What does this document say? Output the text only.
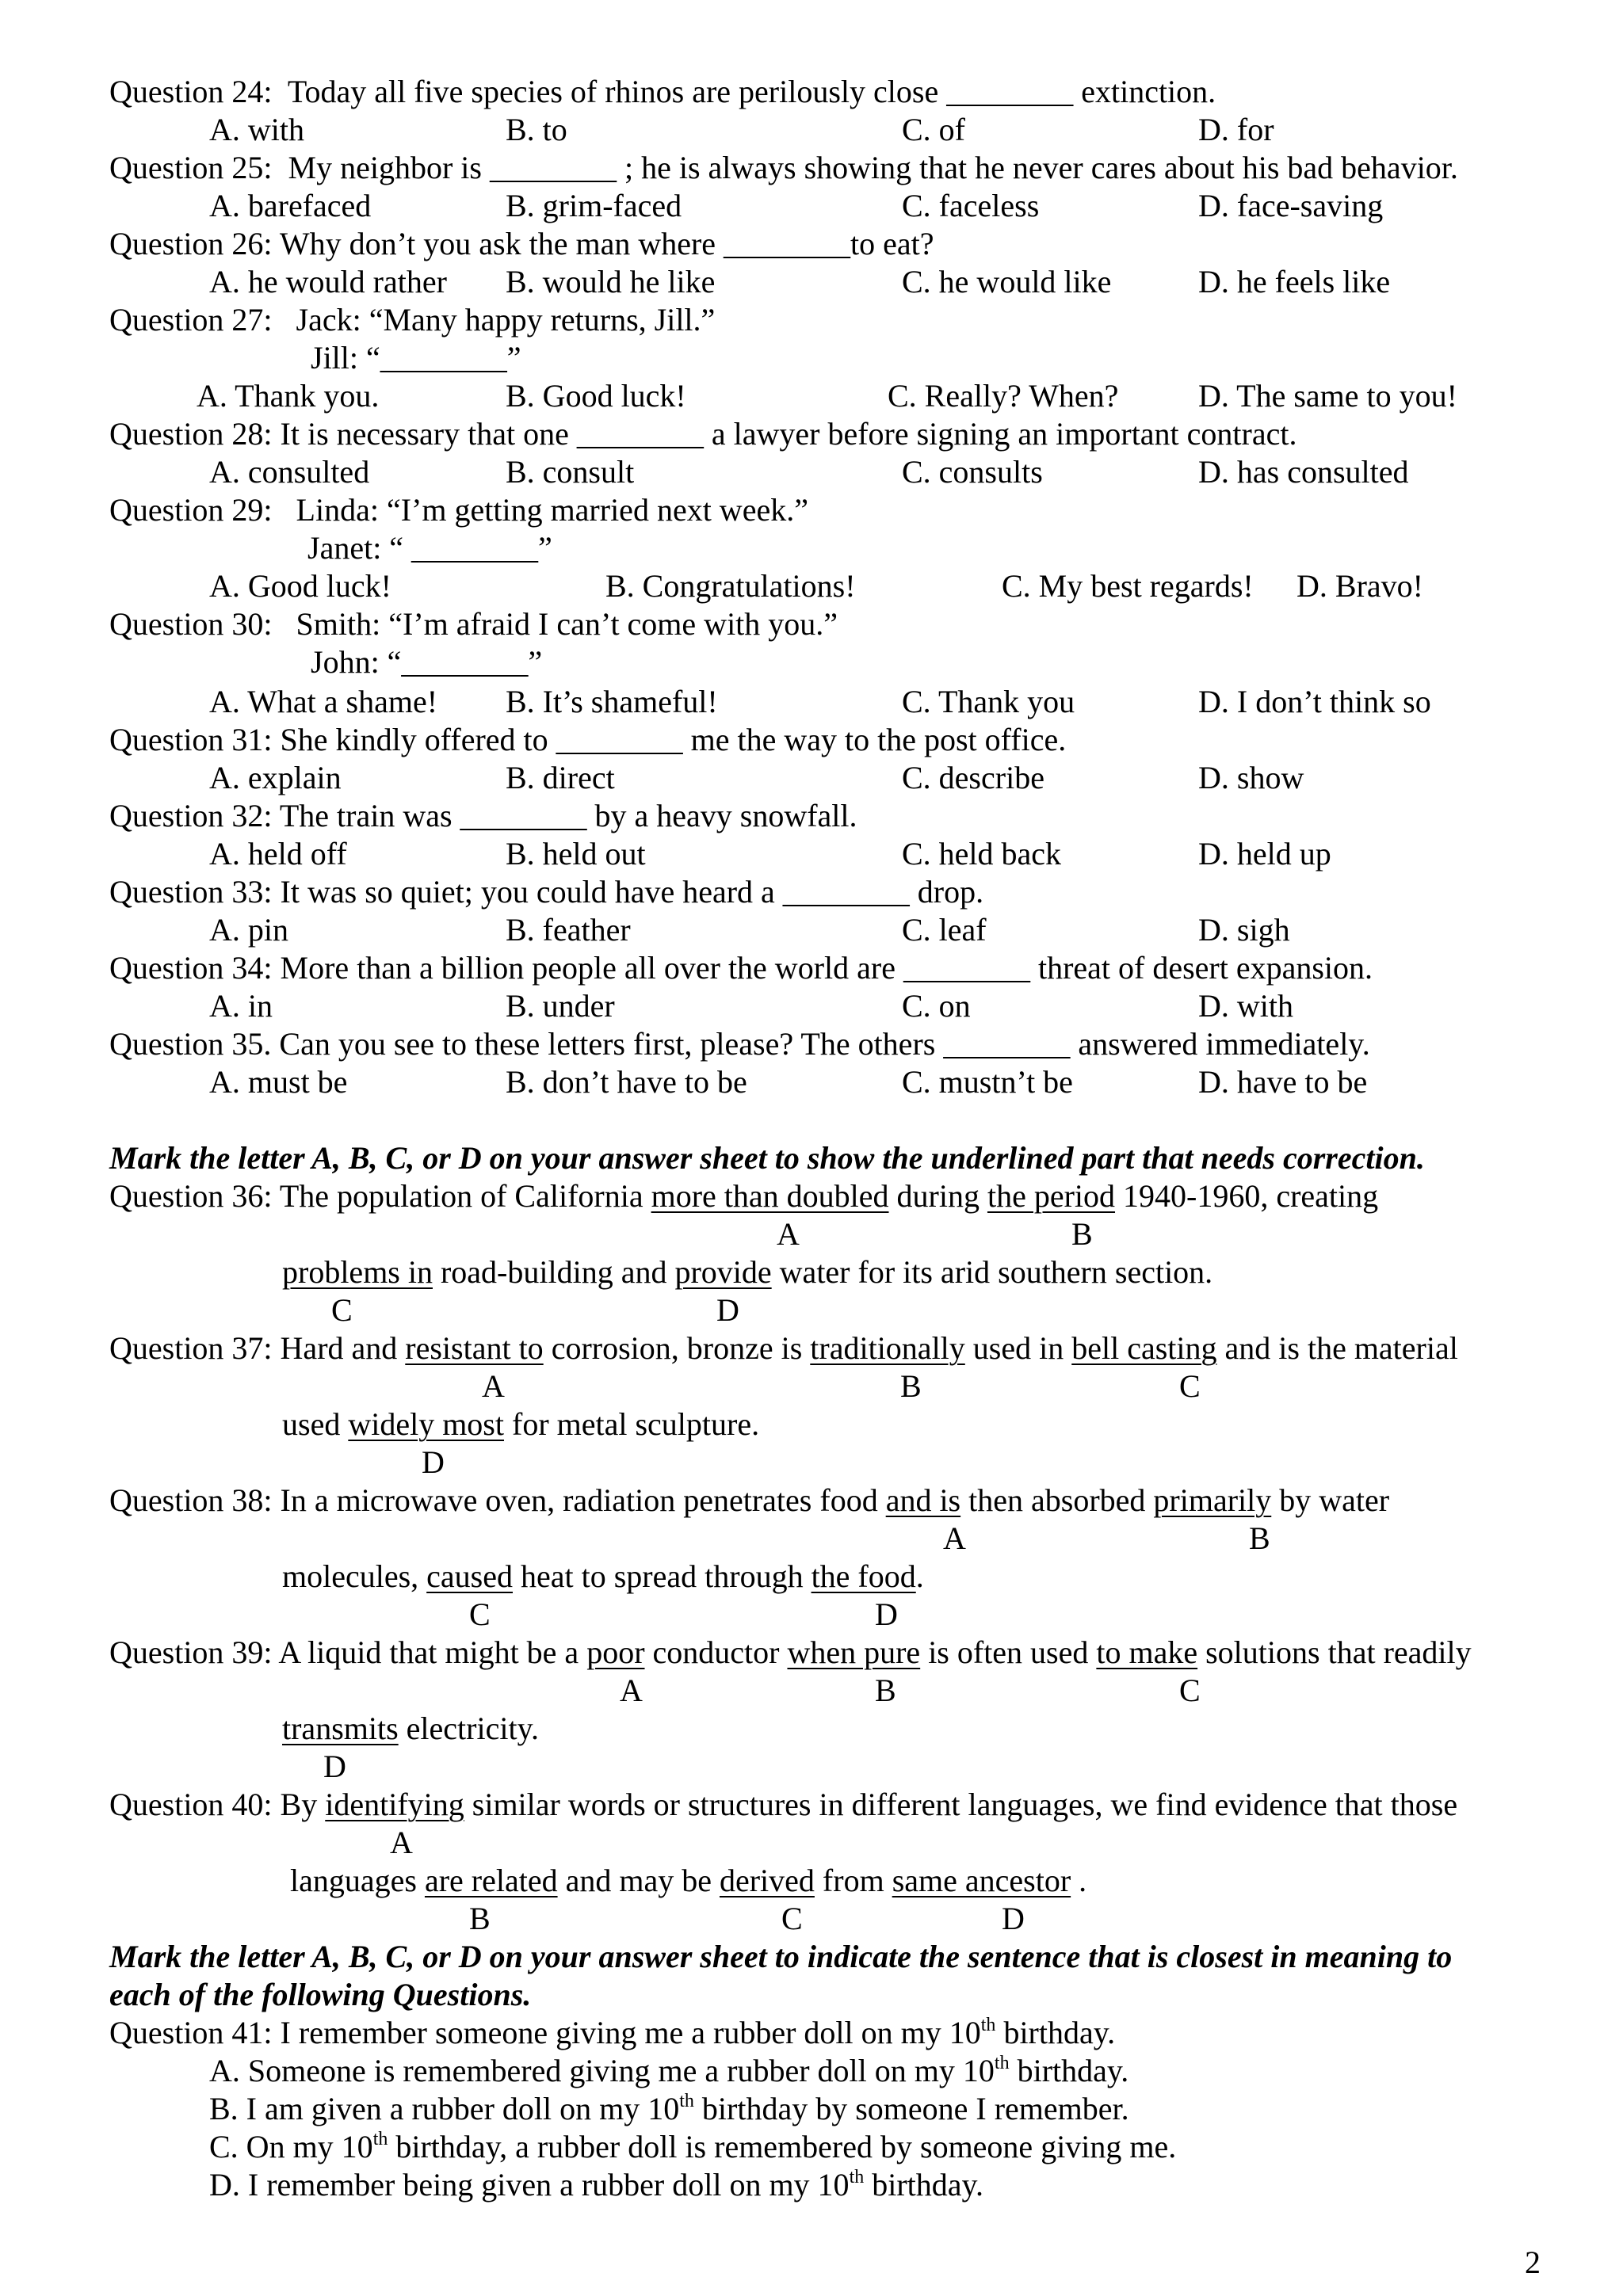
Question 24:  Today all five species of rhinos are perilously close ________ extinction.
A. with	B. to	C. of	D. for
Question 25:  My neighbor is ________ ; he is always showing that he never cares about his bad behavior.
A. barefaced	B. grim-faced	C. faceless	D. face-saving
Question 26: Why don’t you ask the man where ________to eat?
A. he would rather B. would he like	C. he would like	D. he feels like
Question 27:   Jack: “Many happy returns, Jill.”
Jill: “________”
A. Thank you.	B. Good luck!	C. Really? When?	D. The same to you!
Question 28: It is necessary that one ________ a lawyer before signing an important contract.
A. consulted	B. consult	C. consults	D. has consulted
Question 29:   Linda: “I’m getting married next week.”
Janet: “ ________”
A. Good luck!	B. Congratulations!	C. My best regards! D. Bravo!
Question 30:   Smith: “I’m afraid I can’t come with you.”
John: “________”
A. What a shame! B. It’s shameful!	C. Thank you	D. I don’t think so
Question 31: She kindly offered to ________ me the way to the post office.
A. explain	B. direct	C. describe	D. show
Question 32: The train was ________ by a heavy snowfall.
A. held off	B. held out	C. held back	D. held up
Question 33: It was so quiet; you could have heard a ________ drop.
A. pin	B. feather	C. leaf	D. sigh
Question 34: More than a billion people all over the world are ________ threat of desert expansion.
A. in	B. under	C. on	D. with
Question 35. Can you see to these letters first, please? The others ________ answered immediately.
A. must be	B. don’t have to be	C. mustn’t be	D. have to be
Mark the letter A, B, C, or D on your answer sheet to show the underlined part that needs correction.
Question 36: The population of California more than doubled during the period 1940-1960, creating
A	B
problems in road-building and provide water for its arid southern section.
C	D
Question 37: Hard and resistant to corrosion, bronze is traditionally used in bell casting and is the material
A	B	C
used widely most for metal sculpture.
D
Question 38: In a microwave oven, radiation penetrates food and is then absorbed primarily by water
A	B
molecules, caused heat to spread through the food.
C	D
Question 39: A liquid that might be a poor conductor when pure is often used to make solutions that readily
A	B	C
transmits electricity.
D
Question 40: By identifying similar words or structures in different languages, we find evidence that those
A
languages are related and may be derived from same ancestor .
B	C	D
Mark the letter A, B, C, or D on your answer sheet to indicate the sentence that is closest in meaning to
each of the following Questions.
Question 41: I remember someone giving me a rubber doll on my 10th birthday.
A. Someone is remembered giving me a rubber doll on my 10th birthday.
B. I am given a rubber doll on my 10th birthday by someone I remember.
C. On my 10th birthday, a rubber doll is remembered by someone giving me.
D. I remember being given a rubber doll on my 10th birthday.
2
